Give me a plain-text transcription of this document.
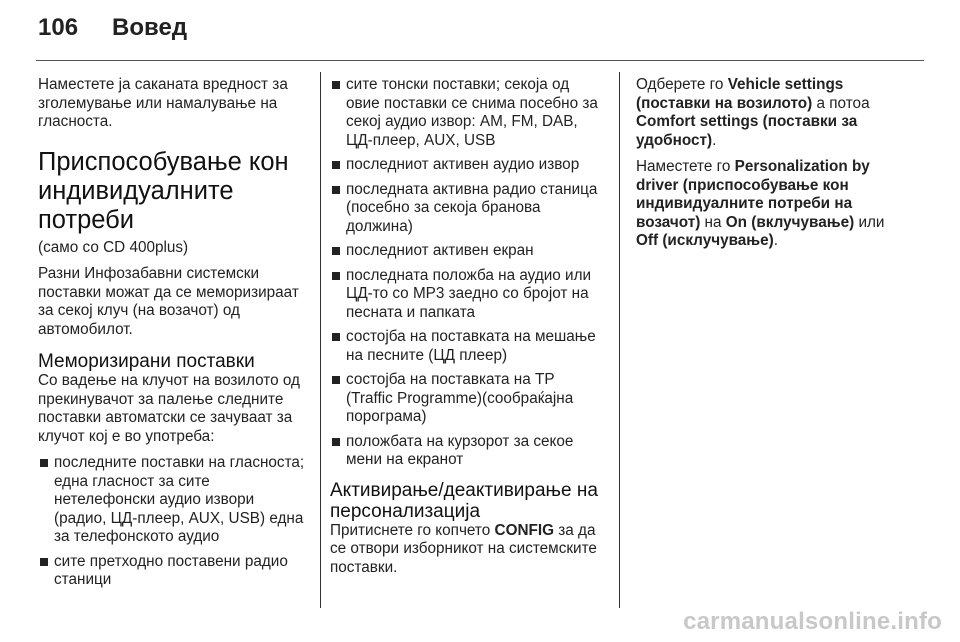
106 Вовед

Наместете ја саканата вредност за зголемување или намалување на гласноста.

Приспособување кон индивидуалните потреби

(само со CD 400plus)

Разни Инфозабавни системски поставки можат да се меморизираат за секој клуч (на возачот) од автомобилот.

Меморизирани поставки

Со вадење на клучот на возилото од прекинувачот за палење следните поставки автоматски се зачуваат за клучот кој е во употреба:

последните поставки на гласноста; една гласност за сите нетелефонски аудио извори (радио, ЦД-плеер, AUX, USB) една за телефонското аудио
сите претходно поставени радио станици
сите тонски поставки; секоја од овие поставки се снима посебно за секој аудио извор: AM, FM, DAB, ЦД-плеер, AUX, USB
последниот активен аудио извор
последната активна радио станица (посебно за секоја бранова должина)
последниот активен екран
последната положба на аудио или ЦД-то со MP3 заедно со бројот на песната и папката
состојба на поставката на мешање на песните (ЦД плеер)
состојба на поставката на TP (Traffic Programme)(сообраќајна порограма)
положбата на курзорот за секое мени на екранот
Активирање/деактивирање на персонализација

Притиснете го копчето CONFIG за да се отвори изборникот на системските поставки.

Одберете го Vehicle settings (поставки на возилото) а потоа Comfort settings (поставки за удобност).

Наместете го Personalization by driver (приспособување кон индивидуалните потреби на возачот) на On (вклучување) или Off (исклучување).

carmanualsonline.info
